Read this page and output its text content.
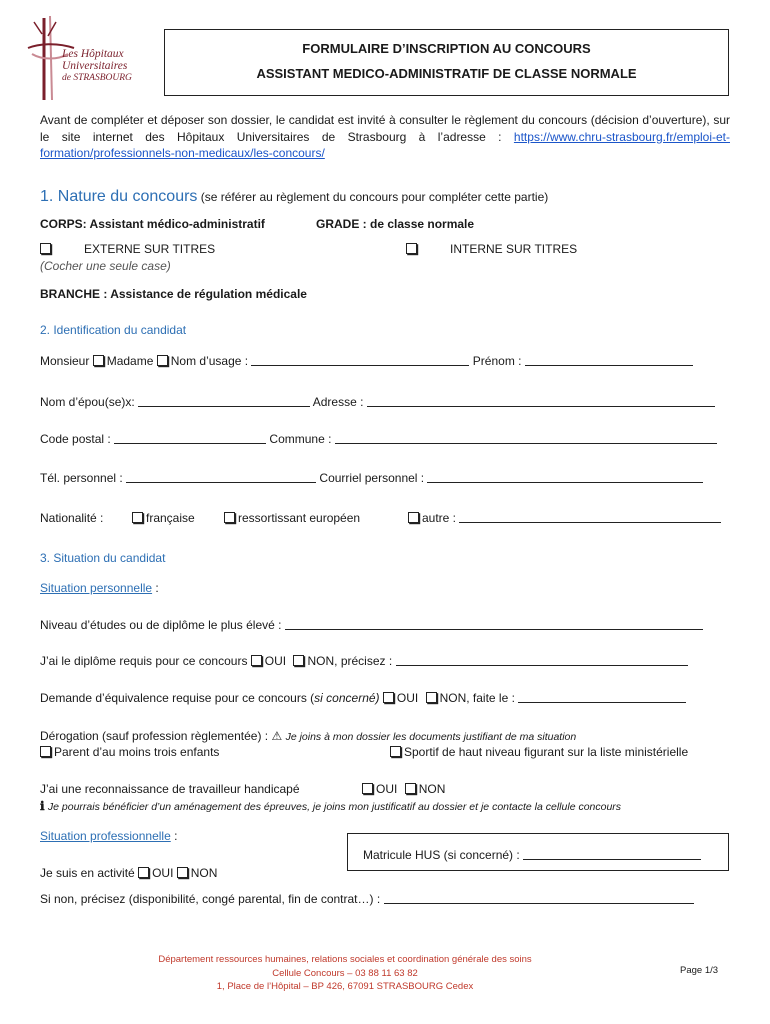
Les Hôpitaux
Universitaires
de STRASBOURG
FORMULAIRE D’INSCRIPTION AU CONCOURS
ASSISTANT MEDICO-ADMINISTRATIF DE CLASSE NORMALE
Avant de compléter et déposer son dossier, le candidat est invité à consulter le règlement du concours (décision d’ouverture), sur le site internet des Hôpitaux Universitaires de Strasbourg à l’adresse : https://www.chru-strasbourg.fr/emploi-et-formation/professionnels-non-medicaux/les-concours/
1. Nature du concours (se référer au règlement du concours pour compléter cette partie)
CORPS: Assistant médico-administratif	GRADE : de classe normale
EXTERNE SUR TITRES	INTERNE SUR TITRES
(Cocher une seule case)
BRANCHE : Assistance de régulation médicale
2. Identification du candidat
Monsieur Madame Nom d’usage :	Prénom :
Nom d’épou(se)x:	Adresse :
Code postal :	Commune :
Tél. personnel :	Courriel personnel :
Nationalité :	française	ressortissant européen	autre :
3. Situation du candidat
Situation personnelle :
Niveau d’études ou de diplôme le plus élevé :
J’ai le diplôme requis pour ce concours OUI NON, précisez :
Demande d’équivalence requise pour ce concours (si concerné) OUI NON, faite le :
Dérogation (sauf profession règlementée) : ⚠ Je joins à mon dossier les documents justifiant de ma situation
Parent d’au moins trois enfants	Sportif de haut niveau figurant sur la liste ministérielle
J’ai une reconnaissance de travailleur handicapé	OUI NON
ℹ Je pourrais bénéficier d’un aménagement des épreuves, je joins mon justificatif au dossier et je contacte la cellule concours
Situation professionnelle :
Matricule HUS (si concerné) :
Je suis en activité OUI NON
Si non, précisez (disponibilité, congé parental, fin de contrat…) :
Département ressources humaines, relations sociales et coordination générale des soins
Cellule Concours – 03 88 11 63 82
1, Place de l’Hôpital – BP 426, 67091 STRASBOURG Cedex
Page 1/3
